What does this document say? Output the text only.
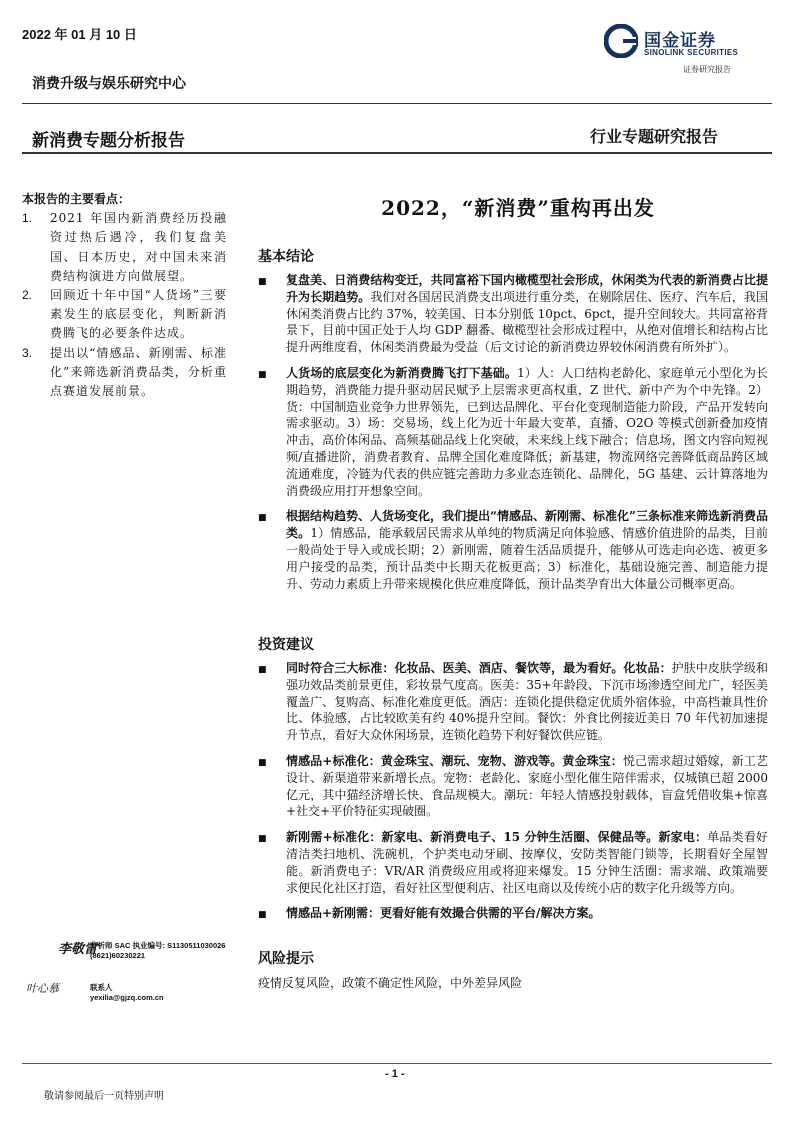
2022 年 01 月 10 日	国金证券
SINOLINK SECURITIES
证券研究报告
消费升级与娱乐研究中心
新消费专题分析报告	行业专题研究报告
本报告的主要看点：
1.	2021 年国内新消费经历投融资过热后遇冷，我们复盘美国、日本历史，对中国未来消费结构演进方向做展望。
2.	回顾近十年中国“人货场”三要素发生的底层变化，判断新消费腾飞的必要条件达成。
3.	提出以“情感品、新刚需、标准化”来筛选新消费品类，分析重点赛道发展前景。
2022，“新消费”重构再出发
基本结论
■	复盘美、日消费结构变迁，共同富裕下国内橄榄型社会形成，休闲类为代表的新消费占比提升为长期趋势。我们对各国居民消费支出项进行重分类，在剔除居住、医疗、汽车后，我国休闲类消费占比约 37%，较美国、日本分别低 10pct、6pct，提升空间较大。共同富裕背景下，目前中国正处于人均 GDP 翻番、橄榄型社会形成过程中，从绝对值增长和结构占比提升两维度看，休闲类消费最为受益（后文讨论的新消费边界较休闲消费有所外扩）。
■	人货场的底层变化为新消费腾飞打下基础。1）人：人口结构老龄化、家庭单元小型化为长期趋势，消费能力提升驱动居民赋予上层需求更高权重，Z 世代、新中产为个中先锋。2）货：中国制造业竞争力世界领先，已到达品牌化、平台化变现制造能力阶段，产品开发转向需求驱动。3）场：交易场，线上化为近十年最大变革，直播、O2O 等模式创新叠加疫情冲击，高价体闲品、高频基础品线上化突破，未来线上线下融合；信息场，图文内容向短视频/直播进阶，消费者教育、品牌全国化难度降低；新基建，物流网络完善降低商品跨区域流通难度，冷链为代表的供应链完善助力多业态连锁化、品牌化，5G 基建、云计算落地为消费级应用打开想象空间。
■	根据结构趋势、人货场变化，我们提出“情感品、新刚需、标准化”三条标准来筛选新消费品类。1）情感品，能承载居民需求从单纯的物质满足向体验感、情感价值进阶的品类，目前一般尚处于导入或成长期；2）新刚需，随着生活品质提升，能够从可选走向必选、被更多用户接受的品类，预计品类中长期天花板更高；3）标准化，基础设施完善、制造能力提升、劳动力素质上升带来规模化供应难度降低，预计品类孕育出大体量公司概率更高。
投资建议
■	同时符合三大标准：化妆品、医美、酒店、餐饮等，最为看好。化妆品：护肤中皮肤学级和强功效品类前景更佳，彩妆景气度高。医美：35+年龄段、下沉市场渗透空间尤广，轻医美覆盖广、复购高、标准化难度更低。酒店：连锁化提供稳定优质外宿体验，中高档兼具性价比、体验感，占比较欧美有约 40%提升空间。餐饮：外食比例接近美日 70 年代初加速提升节点，看好大众休闲场景，连锁化趋势下利好餐饮供应链。
■	情感品+标准化：黄金珠宝、潮玩、宠物、游戏等。黄金珠宝：悦己需求超过婚嫁，新工艺设计、新渠道带来新增长点。宠物：老龄化、家庭小型化催生陪伴需求，仅城镇已超 2000 亿元，其中猫经济增长快、食品规模大。潮玩：年轻人情感投射载体，盲盒凭借收集+惊喜+社交+平价特征实现破圈。
■	新刚需+标准化：新家电、新消费电子、15 分钟生活圈、保健品等。新家电：单品类看好清洁类扫地机、洗碗机，个护类电动牙刷、按摩仪，安防类智能门锁等，长期看好全屋智能。新消费电子：VR/AR 消费级应用或将迎来爆发。15 分钟生活圈：需求端、政策端要求便民化社区打造，看好社区型便利店、社区电商以及传统小店的数字化升级等方向。
■	情感品+新刚需：更看好能有效撮合供需的平台/解决方案。
风险提示
疫情反复风险，政策不确定性风险，中外差异风险
李敬雷
分析师 SAC 执业编号: S1130511030026
(8621)60230221
叶心慕	联系人
yexilia@gjzq.com.cn
- 1 -
敬请参阅最后一页特别声明
